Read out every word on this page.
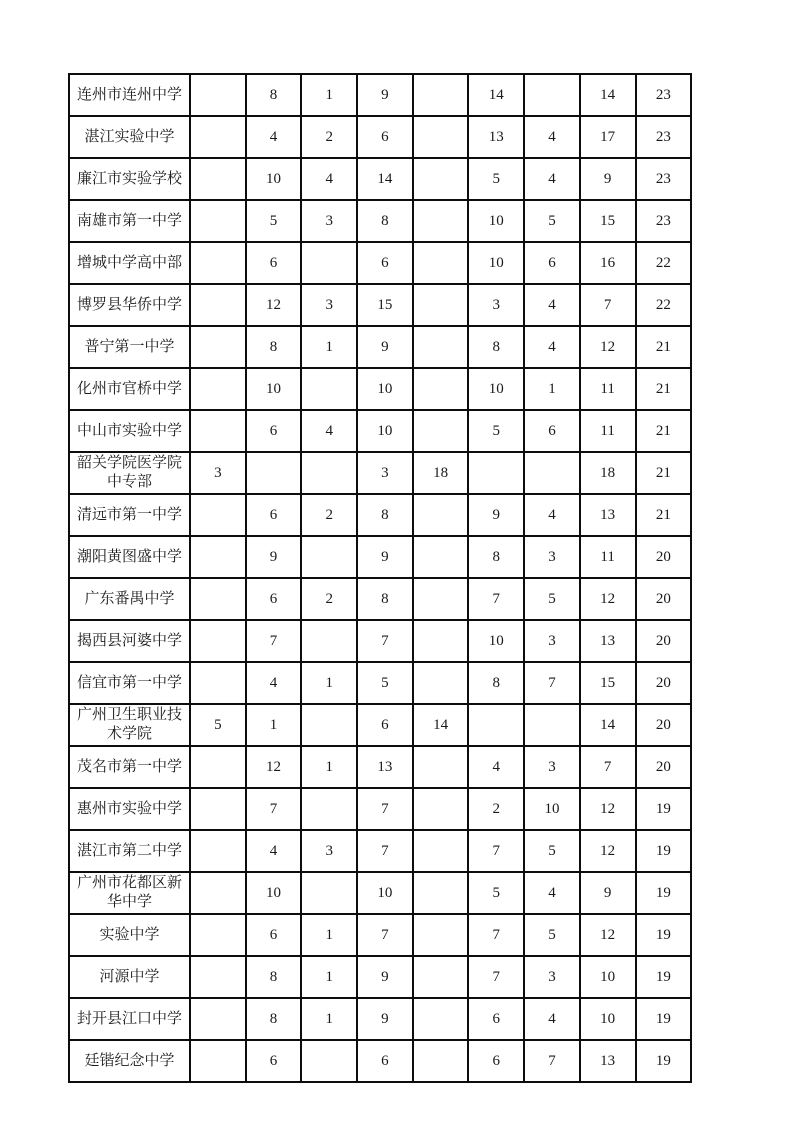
连州市连州中学		8	1	9		14		14	23
湛江实验中学		4	2	6		13	4	17	23
廉江市实验学校		10	4	14		5	4	9	23
南雄市第一中学		5	3	8		10	5	15	23
增城中学高中部		6		6		10	6	16	22
博罗县华侨中学		12	3	15		3	4	7	22
普宁第一中学		8	1	9		8	4	12	21
化州市官桥中学		10		10		10	1	11	21
中山市实验中学		6	4	10		5	6	11	21
韶关学院医学院中专部	3			3	18			18	21
清远市第一中学		6	2	8		9	4	13	21
潮阳黄图盛中学		9		9		8	3	11	20
广东番禺中学		6	2	8		7	5	12	20
揭西县河婆中学		7		7		10	3	13	20
信宜市第一中学		4	1	5		8	7	15	20
广州卫生职业技术学院	5	1		6	14			14	20
茂名市第一中学		12	1	13		4	3	7	20
惠州市实验中学		7		7		2	10	12	19
湛江市第二中学		4	3	7		7	5	12	19
广州市花都区新华中学		10		10		5	4	9	19
实验中学		6	1	7		7	5	12	19
河源中学		8	1	9		7	3	10	19
封开县江口中学		8	1	9		6	4	10	19
廷锴纪念中学		6		6		6	7	13	19
